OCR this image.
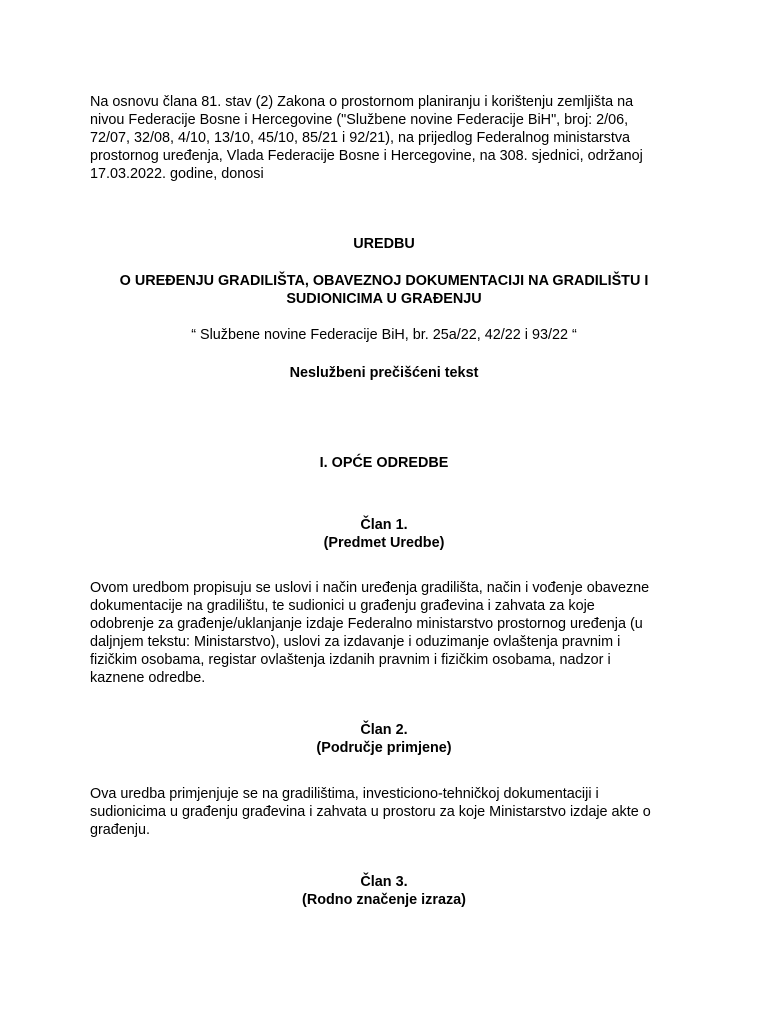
Na osnovu člana 81. stav (2) Zakona o prostornom planiranju i korištenju zemljišta na
nivou Federacije Bosne i Hercegovine ("Službene novine Federacije BiH", broj: 2/06,
72/07, 32/08, 4/10, 13/10, 45/10, 85/21 i 92/21), na prijedlog Federalnog ministarstva
prostornog uređenja, Vlada Federacije Bosne i Hercegovine, na 308. sjednici, održanoj
17.03.2022. godine, donosi

UREDBU

O UREĐENJU GRADILIŠTA, OBAVEZNOJ DOKUMENTACIJI NA GRADILIŠTU I
SUDIONICIMA U GRAĐENJU

“ Službene novine Federacije BiH, br. 25a/22, 42/22 i 93/22 “

Neslužbeni prečišćeni tekst

I. OPĆE ODREDBE

Član 1.
(Predmet Uredbe)

Ovom uredbom propisuju se uslovi i način uređenja gradilišta, način i vođenje obavezne
dokumentacije na gradilištu, te sudionici u građenju građevina i zahvata za koje
odobrenje za građenje/uklanjanje izdaje Federalno ministarstvo prostornog uređenja (u
daljnjem tekstu: Ministarstvo), uslovi za izdavanje i oduzimanje ovlaštenja pravnim i
fizičkim osobama, registar ovlaštenja izdanih pravnim i fizičkim osobama, nadzor i
kaznene odredbe.

Član 2.
(Područje primjene)

Ova uredba primjenjuje se na gradilištima, investiciono-tehničkoj dokumentaciji i
sudionicima u građenju građevina i zahvata u prostoru za koje Ministarstvo izdaje akte o
građenju.

Član 3.
(Rodno značenje izraza)
